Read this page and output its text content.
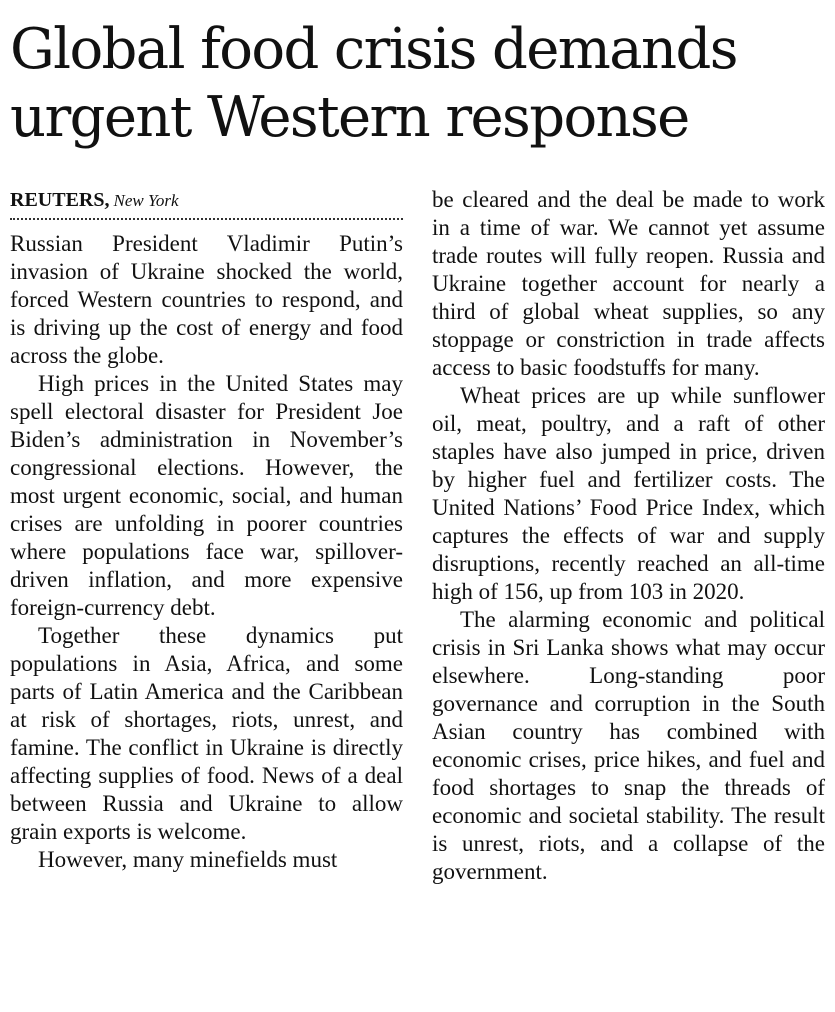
Global food crisis demands urgent Western response
REUTERS, New York

Russian President Vladimir Putin’s invasion of Ukraine shocked the world, forced Western countries to respond, and is driving up the cost of energy and food across the globe.

High prices in the United States may spell electoral disaster for President Joe Biden’s administration in November’s congressional elections. However, the most urgent economic, social, and human crises are unfolding in poorer countries where populations face war, spillover-driven inflation, and more expensive foreign-currency debt.

Together these dynamics put populations in Asia, Africa, and some parts of Latin America and the Caribbean at risk of shortages, riots, unrest, and famine. The conflict in Ukraine is directly affecting supplies of food. News of a deal between Russia and Ukraine to allow grain exports is welcome.

However, many minefields must

be cleared and the deal be made to work in a time of war. We cannot yet assume trade routes will fully reopen. Russia and Ukraine together account for nearly a third of global wheat supplies, so any stoppage or constriction in trade affects access to basic foodstuffs for many.

Wheat prices are up while sunflower oil, meat, poultry, and a raft of other staples have also jumped in price, driven by higher fuel and fertilizer costs. The United Nations’ Food Price Index, which captures the effects of war and supply disruptions, recently reached an all-time high of 156, up from 103 in 2020.

The alarming economic and political crisis in Sri Lanka shows what may occur elsewhere. Long-standing poor governance and corruption in the South Asian country has combined with economic crises, price hikes, and fuel and food shortages to snap the threads of economic and societal stability. The result is unrest, riots, and a collapse of the government.
